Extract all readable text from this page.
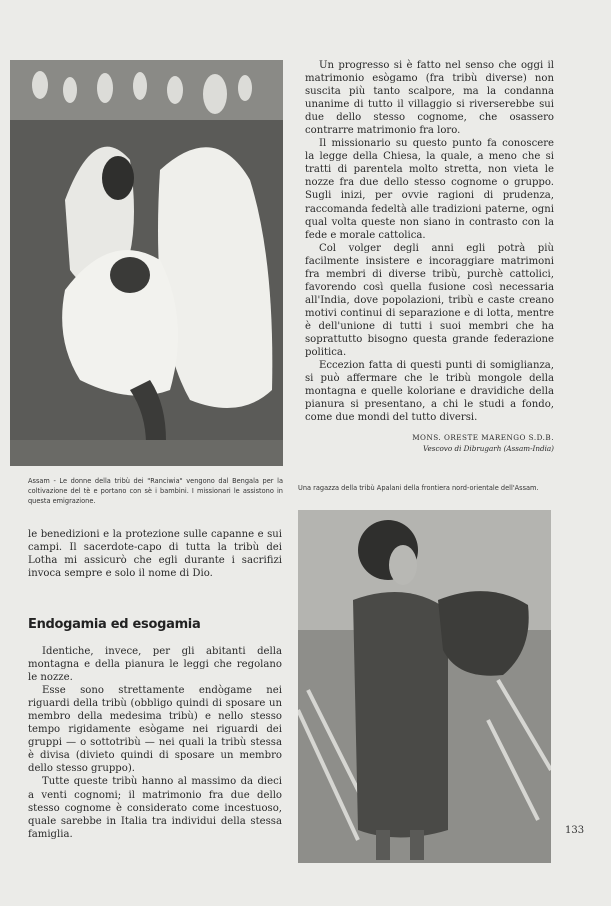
Assam - Le donne della tribù dei "Ranciwia" vengono dal Bengala per la coltivazione del tè e portano con sè i bambini. I missionari le assistono in questa emigrazione.

Un progresso si è fatto nel senso che oggi il matrimonio esògamo (fra tribù diverse) non suscita più tanto scalpore, ma la condanna unanime di tutto il villaggio si riverserebbe sui due dello stesso cognome, che osassero contrarre matrimonio fra loro.

Il missionario su questo punto fa conoscere la legge della Chiesa, la quale, a meno che si tratti di parentela molto stretta, non vieta le nozze fra due dello stesso cognome o gruppo. Sugli inizi, per ovvie ragioni di prudenza, raccomanda fedeltà alle tradizioni paterne, ogni qual volta queste non siano in contrasto con la fede e morale cattolica.

Col volger degli anni egli potrà più facilmente insistere e incoraggiare matrimoni fra membri di diverse tribù, purchè cattolici, favorendo così quella fusione così necessaria all'India, dove popolazioni, tribù e caste creano motivi continui di separazione e di lotta, mentre è dell'unione di tutti i suoi membri che ha soprattutto bisogno questa grande federazione politica.

Eccezion fatta di questi punti di somiglianza, si può affermare che le tribù mongole della montagna e quelle koloriane e dravidiche della pianura si presentano, a chi le studi a fondo, come due mondi del tutto diversi.

MONS. ORESTE MARENGO S.D.B.
Vescovo di Dibrugarh (Assam-India)
Una ragazza della tribù Apalani della frontiera nord-orientale dell'Assam.

le benedizioni e la protezione sulle capanne e sui campi. Il sacerdote-capo di tutta la tribù dei Lotha mi assicurò che egli durante i sacrifizi invoca sempre e solo il nome di Dio.

Endogamia ed esogamia

Identiche, invece, per gli abitanti della montagna e della pianura le leggi che regolano le nozze.

Esse sono strettamente endògame nei riguardi della tribù (obbligo quindi di sposare un membro della medesima tribù) e nello stesso tempo rigidamente esògame nei riguardi dei gruppi — o sottotribù — nei quali la tribù stessa è divisa (divieto quindi di sposare un membro dello stesso gruppo).

Tutte queste tribù hanno al massimo da dieci a venti cognomi; il matrimonio fra due dello stesso cognome è considerato come incestuoso, quale sarebbe in Italia tra individui della stessa famiglia.	133
